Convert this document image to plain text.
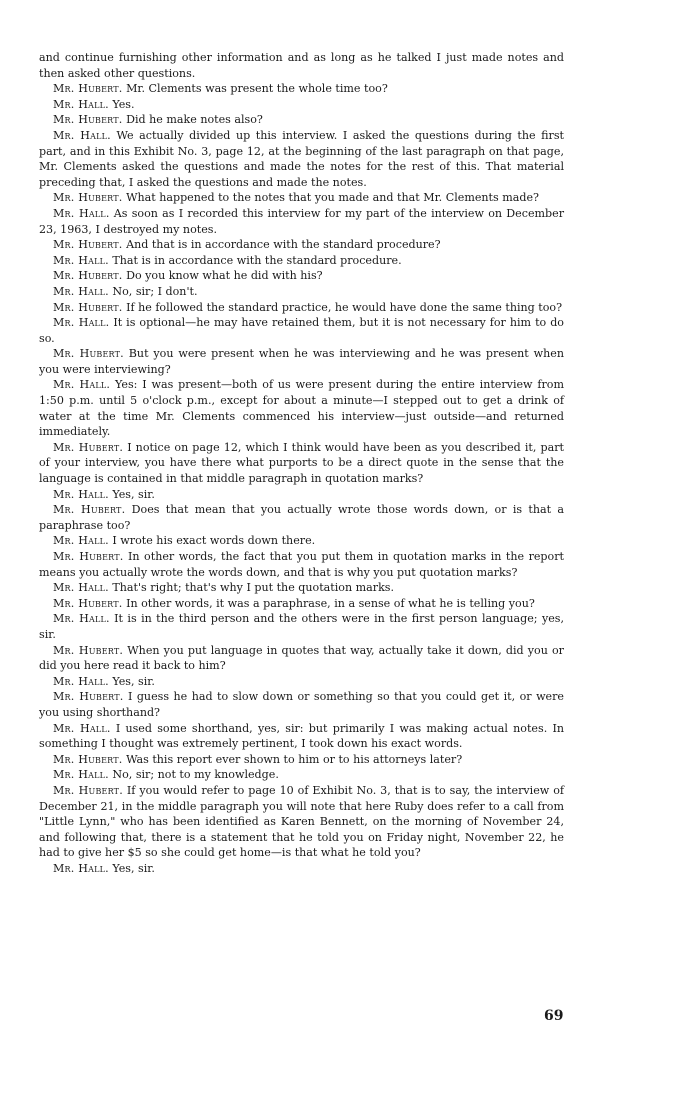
and continue furnishing other information and as long as he talked I just made notes and then asked other questions.

Mr. Hubert. Mr. Clements was present the whole time too?

Mr. Hall. Yes.

Mr. Hubert. Did he make notes also?

Mr. Hall. We actually divided up this interview. I asked the questions during the first part, and in this Exhibit No. 3, page 12, at the beginning of the last paragraph on that page, Mr. Clements asked the questions and made the notes for the rest of this. That material preceding that, I asked the questions and made the notes.

Mr. Hubert. What happened to the notes that you made and that Mr. Clements made?

Mr. Hall. As soon as I recorded this interview for my part of the interview on December 23, 1963, I destroyed my notes.

Mr. Hubert. And that is in accordance with the standard procedure?

Mr. Hall. That is in accordance with the standard procedure.

Mr. Hubert. Do you know what he did with his?

Mr. Hall. No, sir; I don't.

Mr. Hubert. If he followed the standard practice, he would have done the same thing too?

Mr. Hall. It is optional—he may have retained them, but it is not necessary for him to do so.

Mr. Hubert. But you were present when he was interviewing and he was present when you were interviewing?

Mr. Hall. Yes: I was present—both of us were present during the entire interview from 1:50 p.m. until 5 o'clock p.m., except for about a minute—I stepped out to get a drink of water at the time Mr. Clements commenced his interview—just outside—and returned immediately.

Mr. Hubert. I notice on page 12, which I think would have been as you described it, part of your interview, you have there what purports to be a direct quote in the sense that the language is contained in that middle paragraph in quotation marks?

Mr. Hall. Yes, sir.

Mr. Hubert. Does that mean that you actually wrote those words down, or is that a paraphrase too?

Mr. Hall. I wrote his exact words down there.

Mr. Hubert. In other words, the fact that you put them in quotation marks in the report means you actually wrote the words down, and that is why you put quotation marks?

Mr. Hall. That's right; that's why I put the quotation marks.

Mr. Hubert. In other words, it was a paraphrase, in a sense of what he is telling you?

Mr. Hall. It is in the third person and the others were in the first person language; yes, sir.

Mr. Hubert. When you put language in quotes that way, actually take it down, did you or did you here read it back to him?

Mr. Hall. Yes, sir.

Mr. Hubert. I guess he had to slow down or something so that you could get it, or were you using shorthand?

Mr. Hall. I used some shorthand, yes, sir: but primarily I was making actual notes. In something I thought was extremely pertinent, I took down his exact words.

Mr. Hubert. Was this report ever shown to him or to his attorneys later?

Mr. Hall. No, sir; not to my knowledge.

Mr. Hubert. If you would refer to page 10 of Exhibit No. 3, that is to say, the interview of December 21, in the middle paragraph you will note that here Ruby does refer to a call from "Little Lynn," who has been identified as Karen Bennett, on the morning of November 24, and following that, there is a statement that he told you on Friday night, November 22, he had to give her $5 so she could get home—is that what he told you?

Mr. Hall. Yes, sir.

69
